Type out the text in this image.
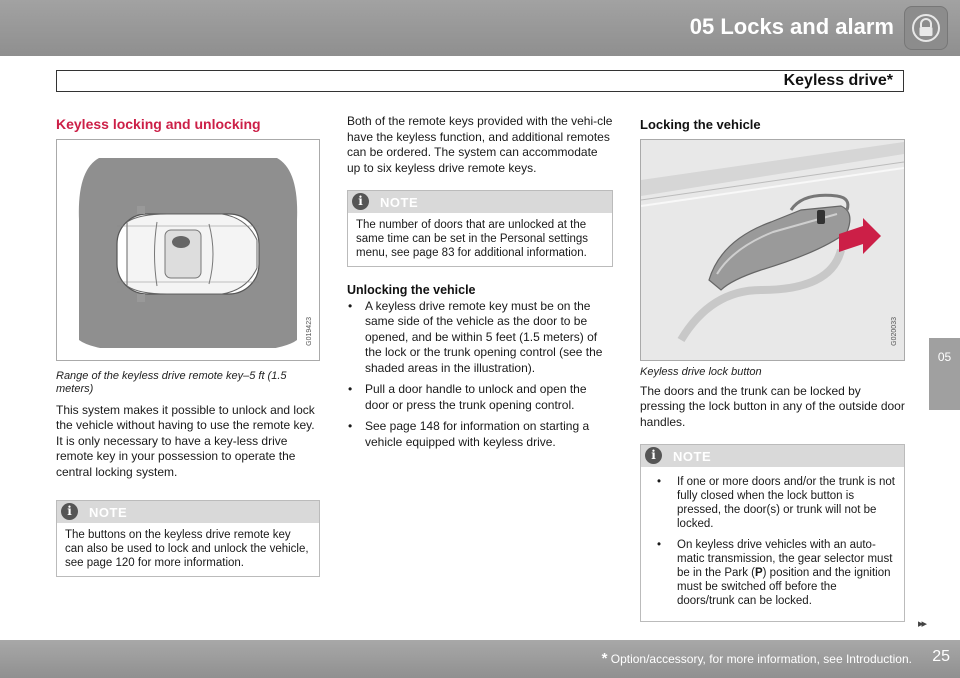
05 Locks and alarm
Keyless drive*
05
Keyless locking and unlocking
G019423
Range of the keyless drive remote key–5 ft (1.5 meters)

This system makes it possible to unlock and lock the vehicle without having to use the remote key. It is only necessary to have a key-less drive remote key in your possession to operate the central locking system.

i	NOTE
The buttons on the keyless drive remote key can also be used to lock and unlock the vehicle, see page 120 for more information.

Both of the remote keys provided with the vehi-cle have the keyless function, and additional remotes can be ordered. The system can accommodate up to six keyless drive remote keys.

i	NOTE
The number of doors that are unlocked at the same time can be set in the Personal settings menu, see page 83 for additional information.
Unlocking the vehicle
• A keyless drive remote key must be on the same side of the vehicle as the door to be opened, and be within 5 feet (1.5 meters) of the lock or the trunk opening control (see the shaded areas in the illustration).
• Pull a door handle to unlock and open the door or press the trunk opening control.
• See page 148 for information on starting a vehicle equipped with keyless drive.
Locking the vehicle
G020033
Keyless drive lock button

The doors and the trunk can be locked by pressing the lock button in any of the outside door handles.

i	NOTE
• If one or more doors and/or the trunk is not fully closed when the lock button is pressed, the door(s) or trunk will not be locked.
• On keyless drive vehicles with an auto-matic transmission, the gear selector must be in the Park (P) position and the ignition must be switched off before the doors/trunk can be locked.
▸▸
* Option/accessory, for more information, see Introduction. 25
